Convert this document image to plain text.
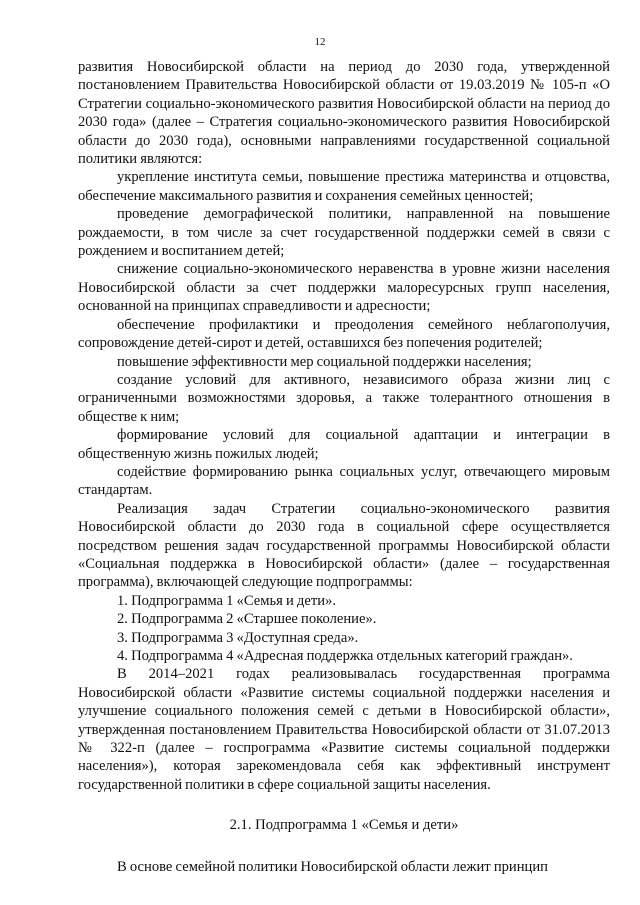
12

развития Новосибирской области на период до 2030 года, утвержденной постановлением Правительства Новосибирской области от 19.03.2019 № 105-п «О Стратегии социально-экономического развития Новосибирской области на период до 2030 года» (далее – Стратегия социально-экономического развития Новосибирской области до 2030 года), основными направлениями государственной социальной политики являются:

укрепление института семьи, повышение престижа материнства и отцовства, обеспечение максимального развития и сохранения семейных ценностей;

проведение демографической политики, направленной на повышение рождаемости, в том числе за счет государственной поддержки семей в связи с рождением и воспитанием детей;

снижение социально-экономического неравенства в уровне жизни населения Новосибирской области за счет поддержки малоресурсных групп населения, основанной на принципах справедливости и адресности;

обеспечение профилактики и преодоления семейного неблагополучия, сопровождение детей-сирот и детей, оставшихся без попечения родителей;

повышение эффективности мер социальной поддержки населения;

создание условий для активного, независимого образа жизни лиц с ограниченными возможностями здоровья, а также толерантного отношения в обществе к ним;

формирование условий для социальной адаптации и интеграции в общественную жизнь пожилых людей;

содействие формированию рынка социальных услуг, отвечающего мировым стандартам.

Реализация задач Стратегии социально-экономического развития Новосибирской области до 2030 года в социальной сфере осуществляется посредством решения задач государственной программы Новосибирской области «Социальная поддержка в Новосибирской области» (далее – государственная программа), включающей следующие подпрограммы:

1. Подпрограмма 1 «Семья и дети».

2. Подпрограмма 2 «Старшее поколение».

3. Подпрограмма 3 «Доступная среда».

4. Подпрограмма 4 «Адресная поддержка отдельных категорий граждан».

В 2014–2021 годах реализовывалась государственная программа Новосибирской области «Развитие системы социальной поддержки населения и улучшение социального положения семей с детьми в Новосибирской области», утвержденная постановлением Правительства Новосибирской области от 31.07.2013 № 322-п (далее – госпрограмма «Развитие системы социальной поддержки населения»), которая зарекомендовала себя как эффективный инструмент государственной политики в сфере социальной защиты населения.

2.1. Подпрограмма 1 «Семья и дети»

В основе семейной политики Новосибирской области лежит принцип
